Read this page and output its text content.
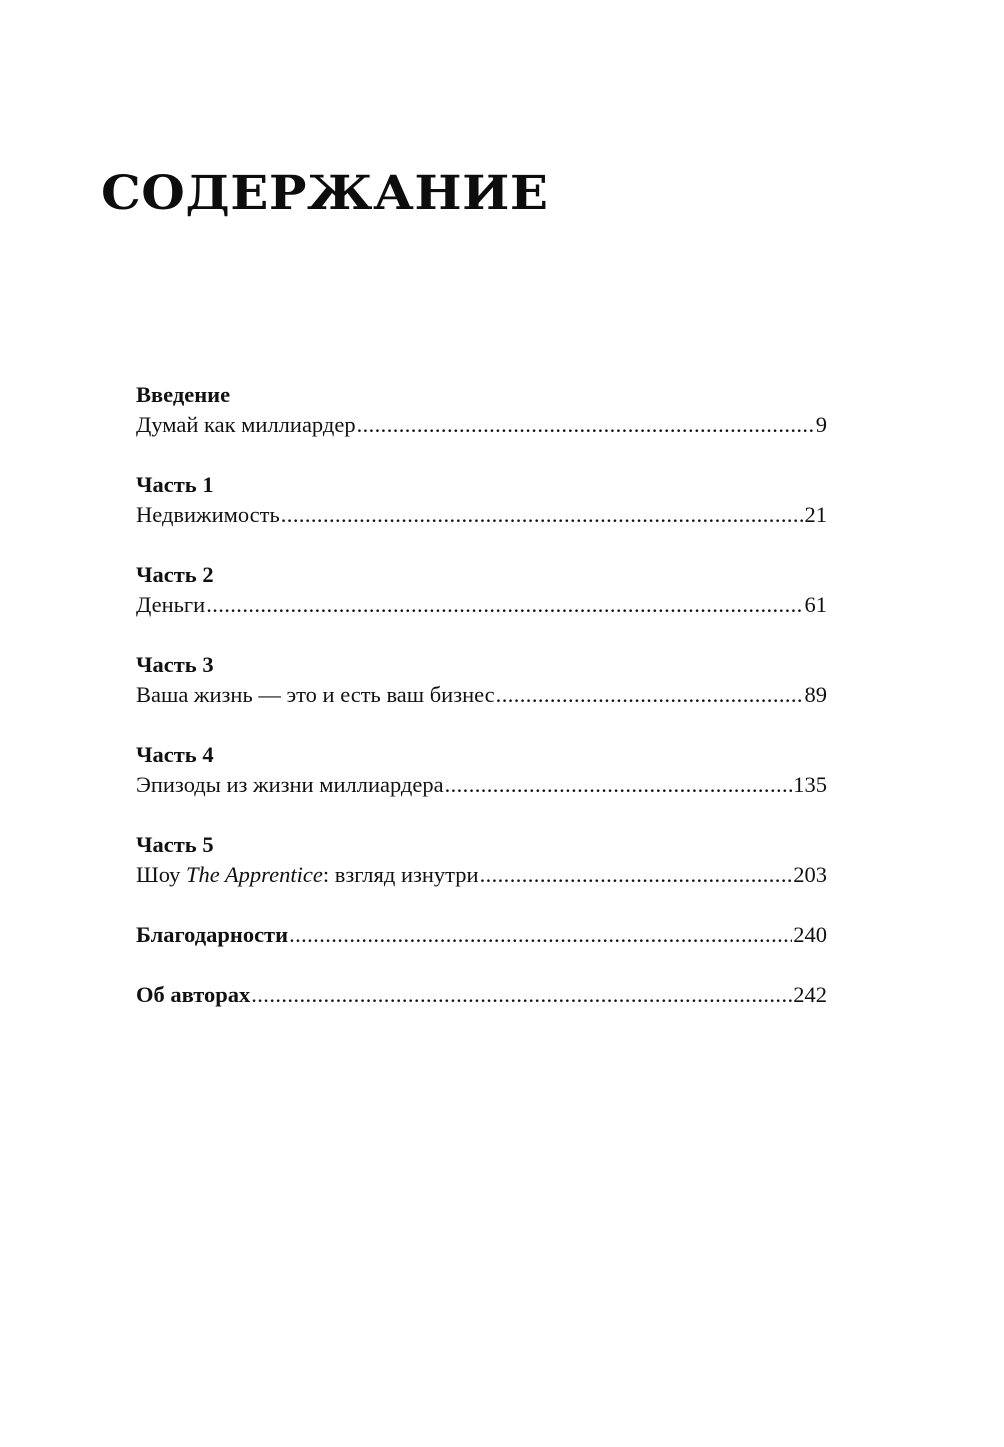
СОДЕРЖАНИЕ
Введение
Думай как миллиардер .....	9
Часть 1
Недвижимость .....	21
Часть 2
Деньги .....	61
Часть 3
Ваша жизнь — это и есть ваш бизнес .....	89
Часть 4
Эпизоды из жизни миллиардера .....	135
Часть 5
Шоу The Apprentice: взгляд изнутри .....	203
Благодарности .....	240
Об авторах .....	242
